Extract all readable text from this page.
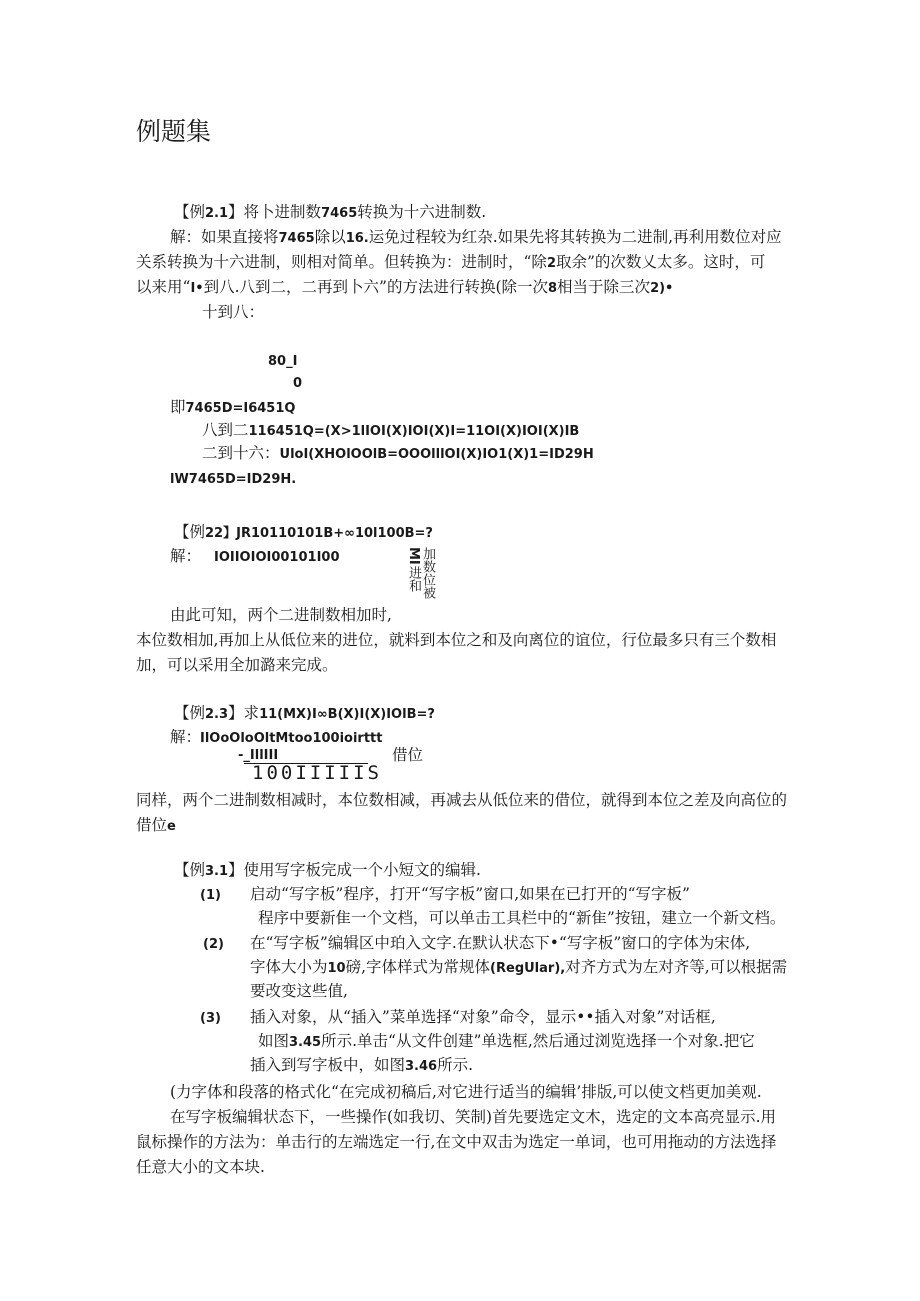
例题集
【例2.1】将卜进制数7465转换为十六进制数.
解：如果直接将7465除以16.运免过程较为红杂.如果先将其转换为二进制,再利用数位对应
关系转换为十六进制，则相对简单。但转换为：进制时，“除2取余”的次数乂太多。这时，可
以来用“I•到八.八到二，二再到卜六”的方法进行转换(除一次8相当于除三次2)•
十到八：
80_I
0
即7465D=I6451Q
八到二116451Q=(X>1lIOI(X)IOI(X)I=11OI(X)IOI(X)IB
二到十六：UloI(XHOlOOlB=OOOlllOI(X)IO1(X)1=ID29H
lW7465D=ID29H.
【例22】JR10110101B+∞10l100B=?
解： IOIIOIOI00101I00	MI
进和 加数位被
由此可知，两个二进制数相加时,
本位数相加,再加上从低位来的进位，就料到本位之和及向离位的谊位，行位最多只有三个数相
加，可以采用全加潞来完成。
【例2.3】求11(MX)I∞B(X)I(X)IOlB=?
解：
IlOoOloOltMtoo100ioirttt
-_IllIII	借位
100IIIIIS
同样，两个二进制数相减时，本位数相减，再减去从低位来的借位，就得到本位之差及向高位的
借位e
【例3.1】使用写字板完成一个小短文的编辑.
(1) 启动“写字板”程序，打开“写字板”窗口,如果在已打开的“写字板”
程序中要新隹一个文档，可以单击工具栏中的“新隹”按钮，建立一个新文档。
(2) 在“写字板”编辑区中珀入文字.在默认状态下•“写字板”窗口的字体为宋体,
字体大小为10磅,字体样式为常规体(RegUlar),对齐方式为左对齐等,可以根据需
要改变这些值,
(3) 插入对象，从“插入”菜单选择“对象”命令，显示••插入对象”对话框,
如图3.45所示.单击“从文件创建”单选框,然后通过浏览选择一个对象.把它
插入到写字板中，如图3.46所示.
(力字体和段落的格式化“在完成初稿后,对它进行适当的编辑’排版,可以使文档更加美观.
在写字板编辑状态下，一些操作(如我切、笑制)首先要选定文木，选定的文本高亮显示.用
鼠标操作的方法为：单击行的左端选定一行,在文中双击为选定一单词，也可用拖动的方法选择
任意大小的文本块.
